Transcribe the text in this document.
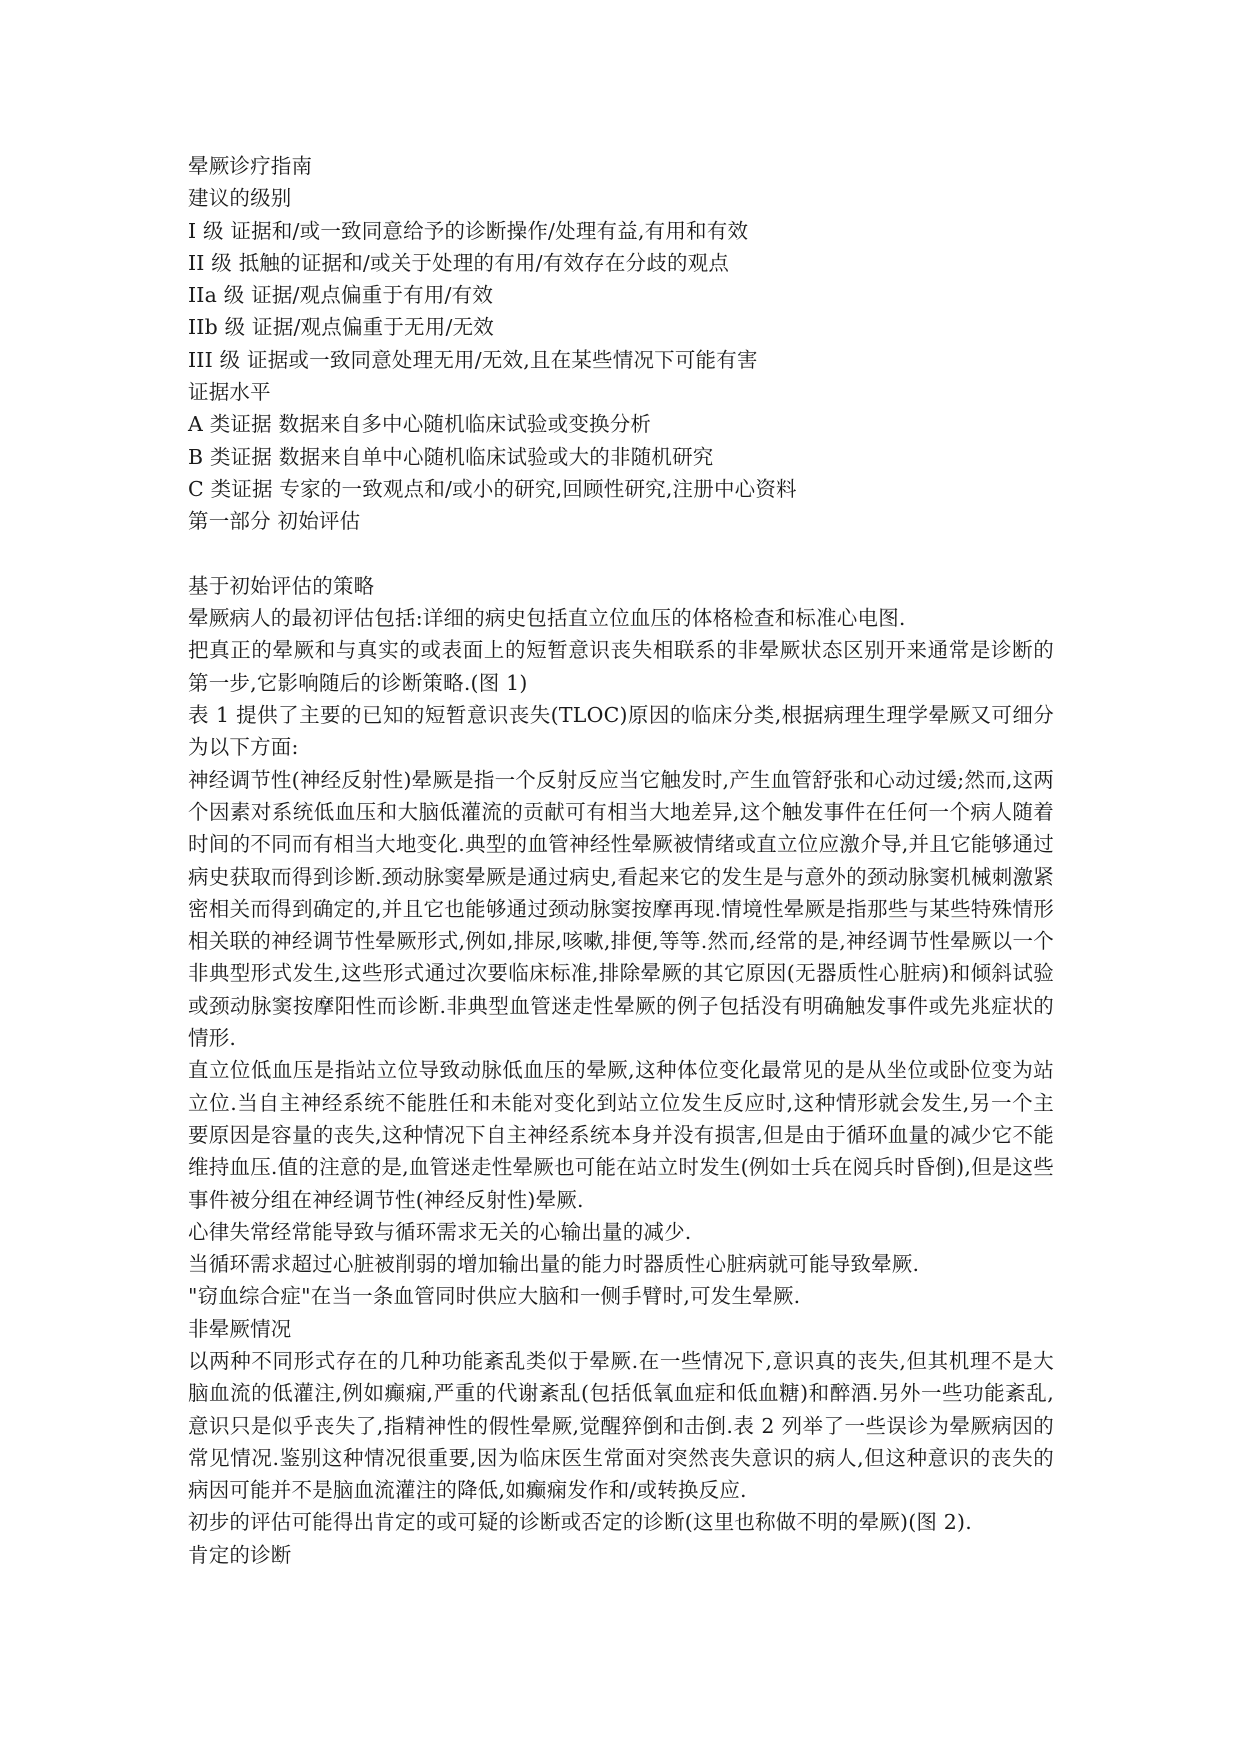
晕厥诊疗指南
建议的级别
I 级 证据和/或一致同意给予的诊断操作/处理有益,有用和有效
II 级 抵触的证据和/或关于处理的有用/有效存在分歧的观点
IIa 级 证据/观点偏重于有用/有效
IIb 级 证据/观点偏重于无用/无效
III 级 证据或一致同意处理无用/无效,且在某些情况下可能有害
证据水平
A 类证据 数据来自多中心随机临床试验或变换分析
B 类证据 数据来自单中心随机临床试验或大的非随机研究
C 类证据 专家的一致观点和/或小的研究,回顾性研究,注册中心资料
第一部分 初始评估
基于初始评估的策略
晕厥病人的最初评估包括:详细的病史包括直立位血压的体格检查和标准心电图.
把真正的晕厥和与真实的或表面上的短暂意识丧失相联系的非晕厥状态区别开来通常是诊断的第一步,它影响随后的诊断策略.(图 1)
表 1 提供了主要的已知的短暂意识丧失(TLOC)原因的临床分类,根据病理生理学晕厥又可细分为以下方面:
神经调节性(神经反射性)晕厥是指一个反射反应当它触发时,产生血管舒张和心动过缓;然而,这两个因素对系统低血压和大脑低灌流的贡献可有相当大地差异,这个触发事件在任何一个病人随着时间的不同而有相当大地变化.典型的血管神经性晕厥被情绪或直立位应激介导,并且它能够通过病史获取而得到诊断.颈动脉窦晕厥是通过病史,看起来它的发生是与意外的颈动脉窦机械刺激紧密相关而得到确定的,并且它也能够通过颈动脉窦按摩再现.情境性晕厥是指那些与某些特殊情形相关联的神经调节性晕厥形式,例如,排尿,咳嗽,排便,等等.然而,经常的是,神经调节性晕厥以一个非典型形式发生,这些形式通过次要临床标准,排除晕厥的其它原因(无器质性心脏病)和倾斜试验或颈动脉窦按摩阳性而诊断.非典型血管迷走性晕厥的例子包括没有明确触发事件或先兆症状的情形.
直立位低血压是指站立位导致动脉低血压的晕厥,这种体位变化最常见的是从坐位或卧位变为站立位.当自主神经系统不能胜任和未能对变化到站立位发生反应时,这种情形就会发生,另一个主要原因是容量的丧失,这种情况下自主神经系统本身并没有损害,但是由于循环血量的减少它不能维持血压.值的注意的是,血管迷走性晕厥也可能在站立时发生(例如士兵在阅兵时昏倒),但是这些事件被分组在神经调节性(神经反射性)晕厥.
心律失常经常能导致与循环需求无关的心输出量的减少.
当循环需求超过心脏被削弱的增加输出量的能力时器质性心脏病就可能导致晕厥.
"窃血综合症"在当一条血管同时供应大脑和一侧手臂时,可发生晕厥.
非晕厥情况
以两种不同形式存在的几种功能紊乱类似于晕厥.在一些情况下,意识真的丧失,但其机理不是大脑血流的低灌注,例如癫痫,严重的代谢紊乱(包括低氧血症和低血糖)和醉酒.另外一些功能紊乱,意识只是似乎丧失了,指精神性的假性晕厥,觉醒猝倒和击倒.表 2 列举了一些误诊为晕厥病因的常见情况.鉴别这种情况很重要,因为临床医生常面对突然丧失意识的病人,但这种意识的丧失的病因可能并不是脑血流灌注的降低,如癫痫发作和/或转换反应.
初步的评估可能得出肯定的或可疑的诊断或否定的诊断(这里也称做不明的晕厥)(图 2).
肯定的诊断
